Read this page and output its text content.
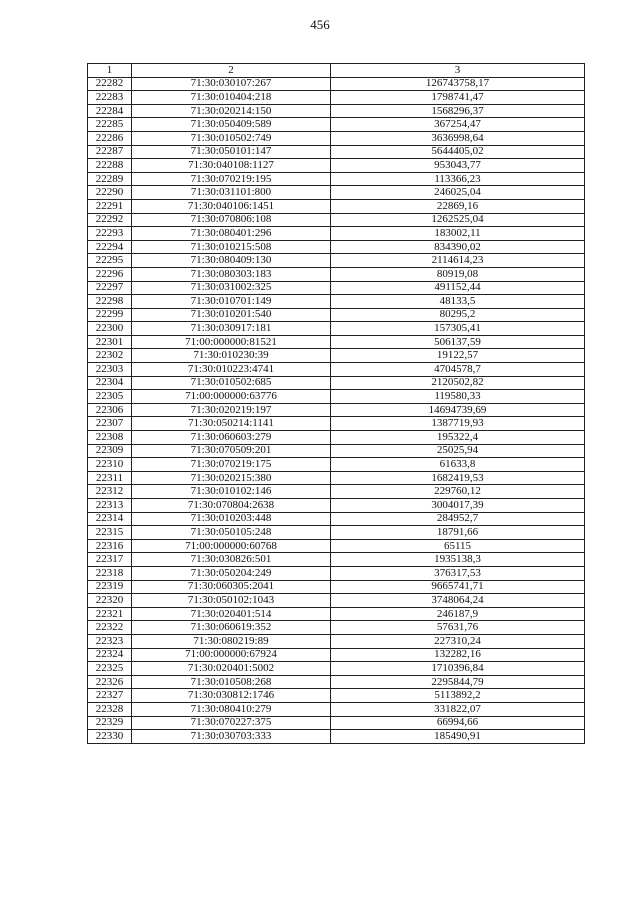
456
1	2	3
22282	71:30:030107:267	126743758,17
22283	71:30:010404:218	1798741,47
22284	71:30:020214:150	1568296,37
22285	71:30:050409:589	367254,47
22286	71:30:010502:749	3636998,64
22287	71:30:050101:147	5644405,02
22288	71:30:040108:1127	953043,77
22289	71:30:070219:195	113366,23
22290	71:30:031101:800	246025,04
22291	71:30:040106:1451	22869,16
22292	71:30:070806:108	1262525,04
22293	71:30:080401:296	183002,11
22294	71:30:010215:508	834390,02
22295	71:30:080409:130	2114614,23
22296	71:30:080303:183	80919,08
22297	71:30:031002:325	491152,44
22298	71:30:010701:149	48133,5
22299	71:30:010201:540	80295,2
22300	71:30:030917:181	157305,41
22301	71:00:000000:81521	506137,59
22302	71:30:010230:39	19122,57
22303	71:30:010223:4741	4704578,7
22304	71:30:010502:685	2120502,82
22305	71:00:000000:63776	119580,33
22306	71:30:020219:197	14694739,69
22307	71:30:050214:1141	1387719,93
22308	71:30:060603:279	195322,4
22309	71:30:070509:201	25025,94
22310	71:30:070219:175	61633,8
22311	71:30:020215:380	1682419,53
22312	71:30:010102:146	229760,12
22313	71:30:070804:2638	3004017,39
22314	71:30:010203:448	284952,7
22315	71:30:050105:248	18791,66
22316	71:00:000000:60768	65115
22317	71:30:030826:501	1935138,3
22318	71:30:050204:249	376317,53
22319	71:30:060305:2041	9665741,71
22320	71:30:050102:1043	3748064,24
22321	71:30:020401:514	246187,9
22322	71:30:060619:352	57631,76
22323	71:30:080219:89	227310,24
22324	71:00:000000:67924	132282,16
22325	71:30:020401:5002	1710396,84
22326	71:30:010508:268	2295844,79
22327	71:30:030812:1746	5113892,2
22328	71:30:080410:279	331822,07
22329	71:30:070227:375	66994,66
22330	71:30:030703:333	185490,91
